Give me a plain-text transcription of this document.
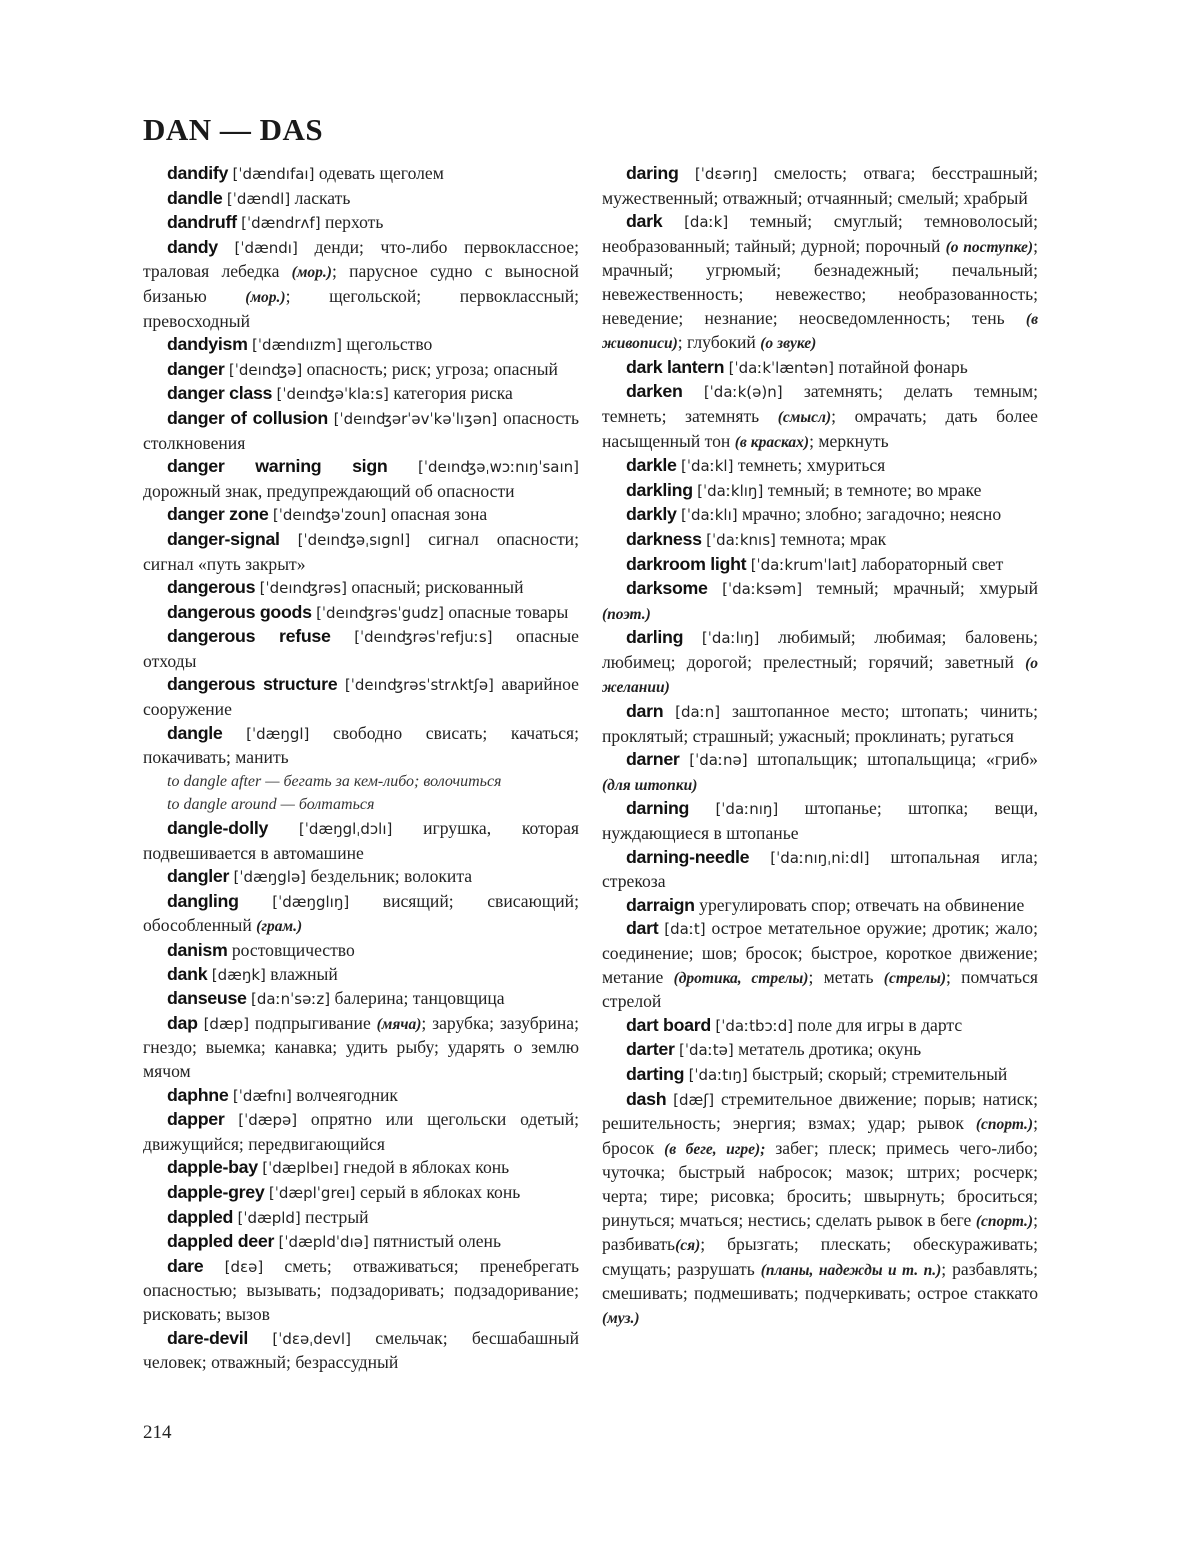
DAN — DAS

dandify [ˈdændıfaı] одевать щеголем

dandle [ˈdændl] ласкать

dandruff [ˈdændrʌf] перхоть

dandy [ˈdændı] денди; что-либо первоклассное; траловая лебедка (мор.); парусное судно с выносной бизанью (мор.); щегольской; первоклассный; превосходный

dandyism [ˈdændıızm] щегольство

danger [ˈdeınʤə] опасность; риск; угроза; опасный

danger class [ˈdeınʤəˈklaːs] категория риска

danger of collusion [ˈdeınʤərˈəvˈkəˈlıʒən] опасность столкновения

danger warning sign [ˈdeınʤəˌwɔːnıŋˈsaın] дорожный знак, предупреждающий об опасности

danger zone [ˈdeınʤəˈzoun] опасная зона

danger-signal [ˈdeınʤəˌsıgnl] сигнал опасности; сигнал «путь закрыт»

dangerous [ˈdeınʤrəs] опасный; рискованный

dangerous goods [ˈdeınʤrəsˈgudz] опасные товары

dangerous refuse [ˈdeınʤrəsˈrefjuːs] опасные отходы

dangerous structure [ˈdeınʤrəsˈstrʌktʃə] аварийное сооружение

dangle [ˈdæŋgl] свободно свисать; качаться; покачивать; манить

to dangle after — бегать за кем-либо; волочиться

to dangle around — болтаться

dangle-dolly [ˈdæŋglˌdɔlı] игрушка, которая подвешивается в автомашине

dangler [ˈdæŋglə] бездельник; волокита

dangling [ˈdæŋglıŋ] висящий; свисающий; обособленный (грам.)

danism ростовщичество

dank [dæŋk] влажный

danseuse [daːnˈsəːz] балерина; танцовщица

dap [dæp] подпрыгивание (мяча); зарубка; зазубрина; гнездо; выемка; канавка; удить рыбу; ударять о землю мячом

daphne [ˈdæfnı] волчеягодник

dapper [ˈdæpə] опрятно или щегольски одетый; движущийся; передвигающийся

dapple-bay [ˈdæplbeı] гнедой в яблоках конь

dapple-grey [ˈdæplˈgreı] серый в яблоках конь

dappled [ˈdæpld] пестрый

dappled deer [ˈdæpldˈdıə] пятнистый олень

dare [dɛə] сметь; отваживаться; пренебрегать опасностью; вызывать; подзадоривать; подзадоривание; рисковать; вызов

dare-devil [ˈdɛəˌdevl] смельчак; бесшабашный человек; отважный; безрассудный

daring [ˈdɛərıŋ] смелость; отвага; бесстрашный; мужественный; отважный; отчаянный; смелый; храбрый

dark [daːk] темный; смуглый; темноволосый; необразованный; тайный; дурной; порочный (о поступке); мрачный; угрюмый; безнадежный; печальный; невежественность; невежество; необразованность; неведение; незнание; неосведомленность; тень (в живописи); глубокий (о звуке)

dark lantern [ˈdaːkˈlæntən] потайной фонарь

darken [ˈdaːk(ə)n] затемнять; делать темным; темнеть; затемнять (смысл); омрачать; дать более насыщенный тон (в красках); меркнуть

darkle [ˈdaːkl] темнеть; хмуриться

darkling [ˈdaːklıŋ] темный; в темноте; во мраке

darkly [ˈdaːklı] мрачно; злобно; загадочно; неясно

darkness [ˈdaːknıs] темнота; мрак

darkroom light [ˈdaːkrumˈlaıt] лабораторный свет

darksome [ˈdaːksəm] темный; мрачный; хмурый (поэт.)

darling [ˈdaːlıŋ] любимый; любимая; баловень; любимец; дорогой; прелестный; горячий; заветный (о желании)

darn [daːn] заштопанное место; штопать; чинить; проклятый; страшный; ужасный; проклинать; ругаться

darner [ˈdaːnə] штопальщик; штопальщица; «гриб» (для штопки)

darning [ˈdaːnıŋ] штопанье; штопка; вещи, нуждающиеся в штопанье

darning-needle [ˈdaːnıŋˌniːdl] штопальная игла; стрекоза

darraign урегулировать спор; отвечать на обвинение

dart [daːt] острое метательное оружие; дротик; жало; соединение; шов; бросок; быстрое, короткое движение; метание (дротика, стрелы); метать (стрелы); помчаться стрелой

dart board [ˈdaːtbɔːd] поле для игры в дартс

darter [ˈdaːtə] метатель дротика; окунь

darting [ˈdaːtıŋ] быстрый; скорый; стремительный

dash [dæʃ] стремительное движение; порыв; натиск; решительность; энергия; взмах; удар; рывок (спорт.); бросок (в беге, игре); забег; плеск; примесь чего-либо; чуточка; быстрый набросок; мазок; штрих; росчерк; черта; тире; рисовка; бросить; швырнуть; броситься; ринуться; мчаться; нестись; сделать рывок в беге (спорт.); разбивать(ся); брызгать; плескать; обескураживать; смущать; разрушать (планы, надежды и т. п.); разбавлять; смешивать; подмешивать; подчеркивать; острое стаккато (муз.)

214
